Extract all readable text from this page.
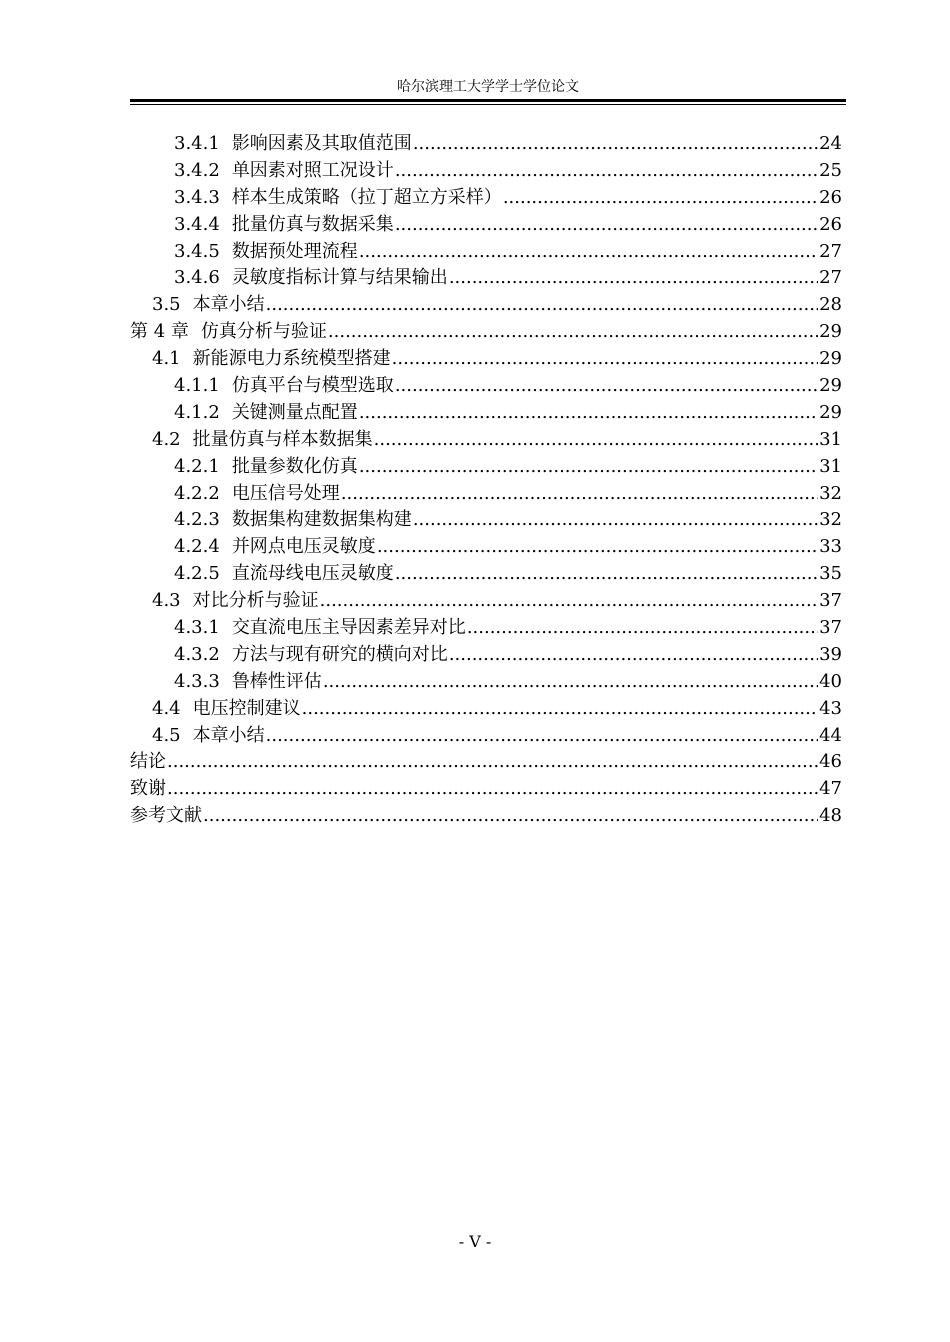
哈尔滨理工大学学士学位论文
3.4.1 影响因素及其取值范围 .....	24
3.4.2 单因素对照工况设计 .....	25
3.4.3 样本生成策略（拉丁超立方采样） .....	26
3.4.4 批量仿真与数据采集 .....	26
3.4.5 数据预处理流程 .....	27
3.4.6 灵敏度指标计算与结果输出 .....	27
3.5 本章小结 .....	28
第 4 章 仿真分析与验证 .....	29
4.1 新能源电力系统模型搭建 .....	29
4.1.1 仿真平台与模型选取 .....	29
4.1.2 关键测量点配置 .....	29
4.2 批量仿真与样本数据集 .....	31
4.2.1 批量参数化仿真 .....	31
4.2.2 电压信号处理 .....	32
4.2.3 数据集构建数据集构建 .....	32
4.2.4 并网点电压灵敏度 .....	33
4.2.5 直流母线电压灵敏度 .....	35
4.3 对比分析与验证 .....	37
4.3.1 交直流电压主导因素差异对比 .....	37
4.3.2 方法与现有研究的横向对比 .....	39
4.3.3 鲁棒性评估 .....	40
4.4 电压控制建议 .....	43
4.5 本章小结 .....	44
结论 .....	46
致谢 .....	47
参考文献 .....	48
- V -
